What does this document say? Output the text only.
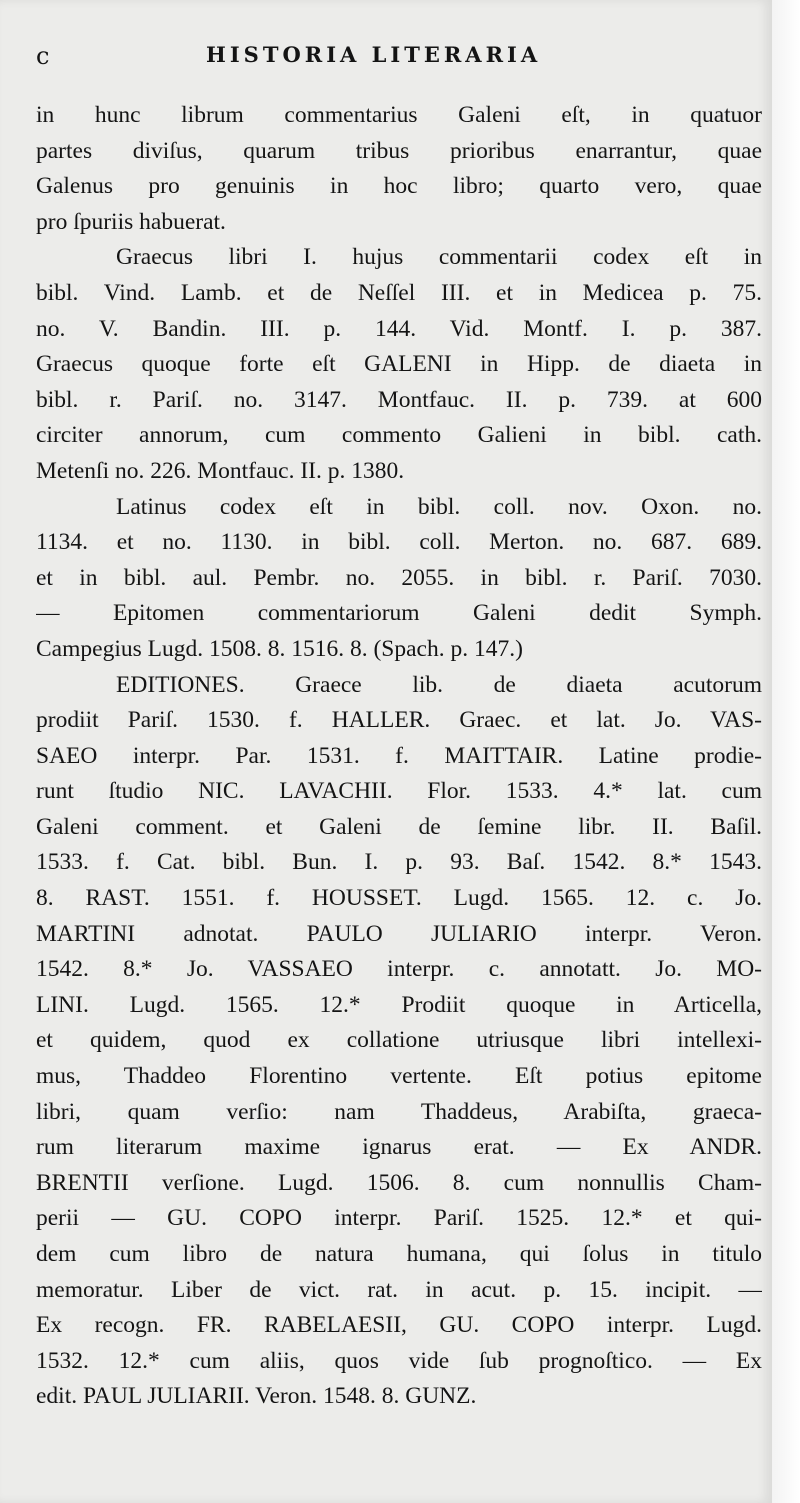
c	HISTORIA LITERARIA
in hunc librum commentarius Galeni eſt, in quatuor
partes diviſus, quarum tribus prioribus enarrantur, quae
Galenus pro genuinis in hoc libro; quarto vero, quae
pro ſpuriis habuerat.
Graecus libri I. hujus commentarii codex eſt in
bibl. Vind. Lamb. et de Neſſel III. et in Medicea p. 75.
no. V. Bandin. III. p. 144. Vid. Montf. I. p. 387.
Graecus quoque forte eſt GALENI in Hipp. de diaeta in
bibl. r. Pariſ. no. 3147. Montfauc. II. p. 739. at 600
circiter annorum, cum commento Galieni in bibl. cath.
Metenſi no. 226. Montfauc. II. p. 1380.
Latinus codex eſt in bibl. coll. nov. Oxon. no.
1134. et no. 1130. in bibl. coll. Merton. no. 687. 689.
et in bibl. aul. Pembr. no. 2055. in bibl. r. Pariſ. 7030.
— Epitomen commentariorum Galeni dedit Symph.
Campegius Lugd. 1508. 8. 1516. 8. (Spach. p. 147.)
EDITIONES. Graece lib. de diaeta acutorum
prodiit Pariſ. 1530. f. HALLER. Graec. et lat. Jo. VAS-
SAEO interpr. Par. 1531. f. MAITTAIR. Latine prodie-
runt ſtudio NIC. LAVACHII. Flor. 1533. 4.* lat. cum
Galeni comment. et Galeni de ſemine libr. II. Baſil.
1533. f. Cat. bibl. Bun. I. p. 93. Baſ. 1542. 8.* 1543.
8. RAST. 1551. f. HOUSSET. Lugd. 1565. 12. c. Jo.
MARTINI adnotat. PAULO JULIARIO interpr. Veron.
1542. 8.* Jo. VASSAEO interpr. c. annotatt. Jo. MO-
LINI. Lugd. 1565. 12.* Prodiit quoque in Articella,
et quidem, quod ex collatione utriusque libri intellexi-
mus, Thaddeo Florentino vertente. Eſt potius epitome
libri, quam verſio: nam Thaddeus, Arabiſta, graeca-
rum literarum maxime ignarus erat. — Ex ANDR.
BRENTII verſione. Lugd. 1506. 8. cum nonnullis Cham-
perii — GU. COPO interpr. Pariſ. 1525. 12.* et qui-
dem cum libro de natura humana, qui ſolus in titulo
memoratur. Liber de vict. rat. in acut. p. 15. incipit. —
Ex recogn. FR. RABELAESII, GU. COPO interpr. Lugd.
1532. 12.* cum aliis, quos vide ſub prognoſtico. — Ex
edit. PAUL JULIARII. Veron. 1548. 8. GUNZ.
